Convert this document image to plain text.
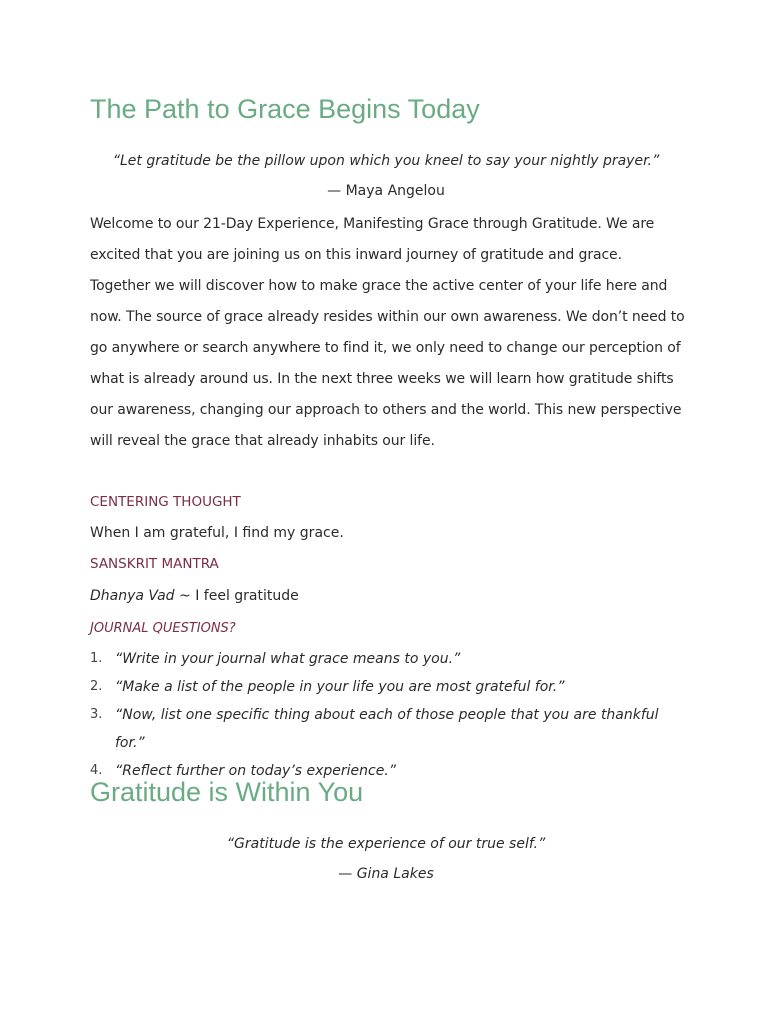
The Path to Grace Begins Today
“Let gratitude be the pillow upon which you kneel to say your nightly prayer.”
— Maya Angelou

Welcome to our 21-Day Experience, Manifesting Grace through Gratitude. We are excited that you are joining us on this inward journey of gratitude and grace. Together we will discover how to make grace the active center of your life here and now. The source of grace already resides within our own awareness. We don’t need to go anywhere or search anywhere to find it, we only need to change our perception of what is already around us. In the next three weeks we will learn how gratitude shifts our awareness, changing our approach to others and the world. This new perspective will reveal the grace that already inhabits our life.

CENTERING THOUGHT
When I am grateful, I find my grace.
SANSKRIT MANTRA
Dhanya Vad ~ I feel gratitude
JOURNAL QUESTIONS?
1. “Write in your journal what grace means to you.”
2. “Make a list of the people in your life you are most grateful for.”
3. “Now, list one specific thing about each of those people that you are thankful for.”
4. “Reflect further on today’s experience.”
Gratitude is Within You
“Gratitude is the experience of our true self.”
— Gina Lakes
